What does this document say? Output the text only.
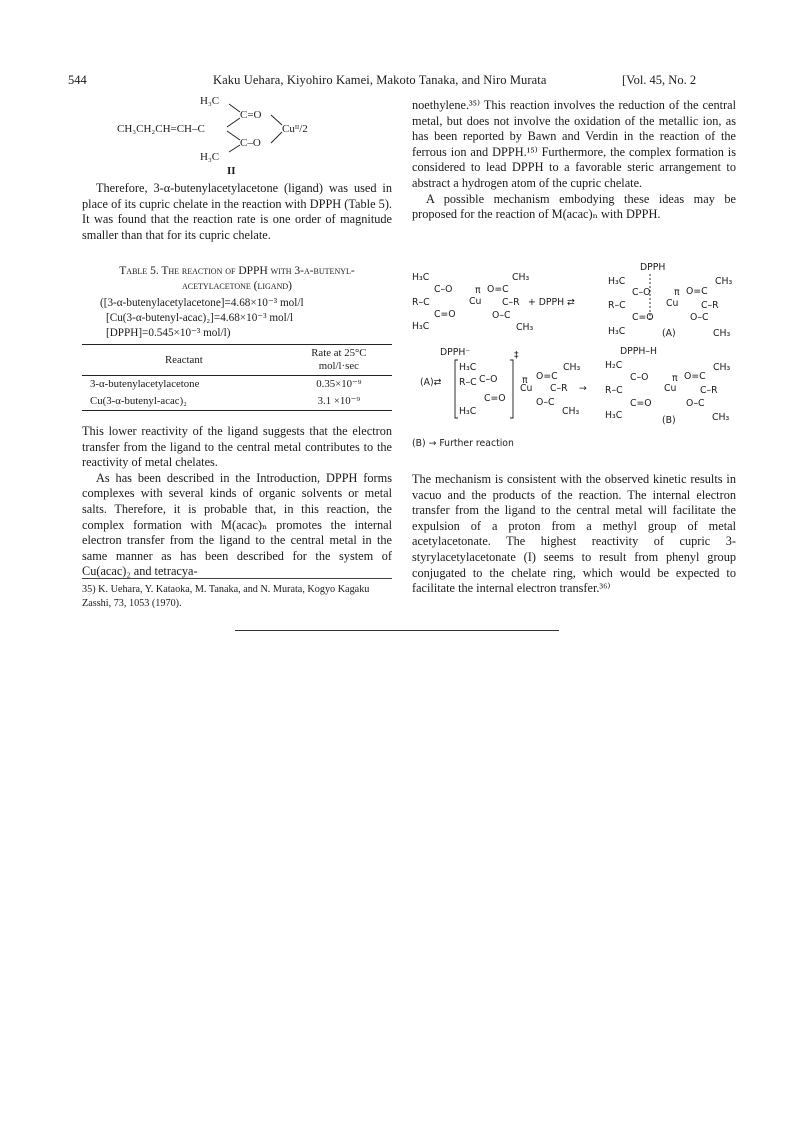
544	Kaku Uehara, Kiyohiro Kamei, Makoto Tanaka, and Niro Murata	[Vol. 45, No. 2
H₃C
C=O
CH₃CH₂CH=CH–C	Cuᴵᴵ/2
C–O
H₃C
II

Therefore, 3-α-butenylacetylacetone (ligand) was used in place of its cupric chelate in the reaction with DPPH (Table 5). It was found that the reaction rate is one order of magnitude smaller than that for its cupric chelate.

Table 5. The reaction of DPPH with 3-α-butenyl-
acetylacetone (ligand)
([3-α-butenylacetylacetone]=4.68×10⁻³ mol/l
[Cu(3-α-butenyl-acac)₂]=4.68×10⁻³ mol/l
[DPPH]=0.545×10⁻³ mol/l)
Reactant	Rate at 25°C
mol/l·sec

3-α-butenylacetylacetone	0.35×10⁻⁹
Cu(3-α-butenyl-acac)₂	3.1 ×10⁻⁹

This lower reactivity of the ligand suggests that the electron transfer from the ligand to the central metal contributes to the reactivity of metal chelates.

As has been described in the Introduction, DPPH forms complexes with several kinds of organic solvents or metal salts. Therefore, it is probable that, in this reaction, the complex formation with M(acac)ₙ promotes the internal electron transfer from the ligand to the central metal in the same manner as has been described for the system of Cu(acac)₂ and tetracya-

35) K. Uehara, Y. Kataoka, M. Tanaka, and N. Murata, Kogyo Kagaku Zasshi, 73, 1053 (1970).

noethylene.³⁵⁾ This reaction involves the reduction of the central metal, but does not involve the oxidation of the metallic ion, as has been reported by Bawn and Verdin in the reaction of the ferrous ion and DPPH.¹⁵⁾ Furthermore, the complex formation is considered to lead DPPH to a favorable steric arrangement to abstract a hydrogen atom of the cupric chelate.

A possible mechanism embodying these ideas may be proposed for the reaction of M(acac)ₙ with DPPH.

H₃C
C–O π O=C
CH₃
R–C	Cu C–R + DPPH ⇄
C=O	O–C
H₃C	CH₃
DPPH
H₃C
C–O	π O=C
CH₃
R–C	Cu C–R
C=O	O–C
H₃C	(A)	CH₃
DPPH⁻
H₃C
C–O
‡
CH₃
(A)⇄ R–C	π O=C
Cu C–R →
C=O	O–C
H₃C	CH₃
DPPH–H
H₂C
C–O	π O=C
CH₃
R–C	Cu	C–R
C=O	O–C
H₃C	(B)	CH₃
(B) → Further reaction

The mechanism is consistent with the observed kinetic results in vacuo and the products of the reaction. The internal electron transfer from the ligand to the central metal will facilitate the expulsion of a proton from a methyl group of metal acetylacetonate. The highest reactivity of cupric 3-styrylacetylacetonate (I) seems to result from phenyl group conjugated to the chelate ring, which would be expected to facilitate the internal electron transfer.³⁶⁾
